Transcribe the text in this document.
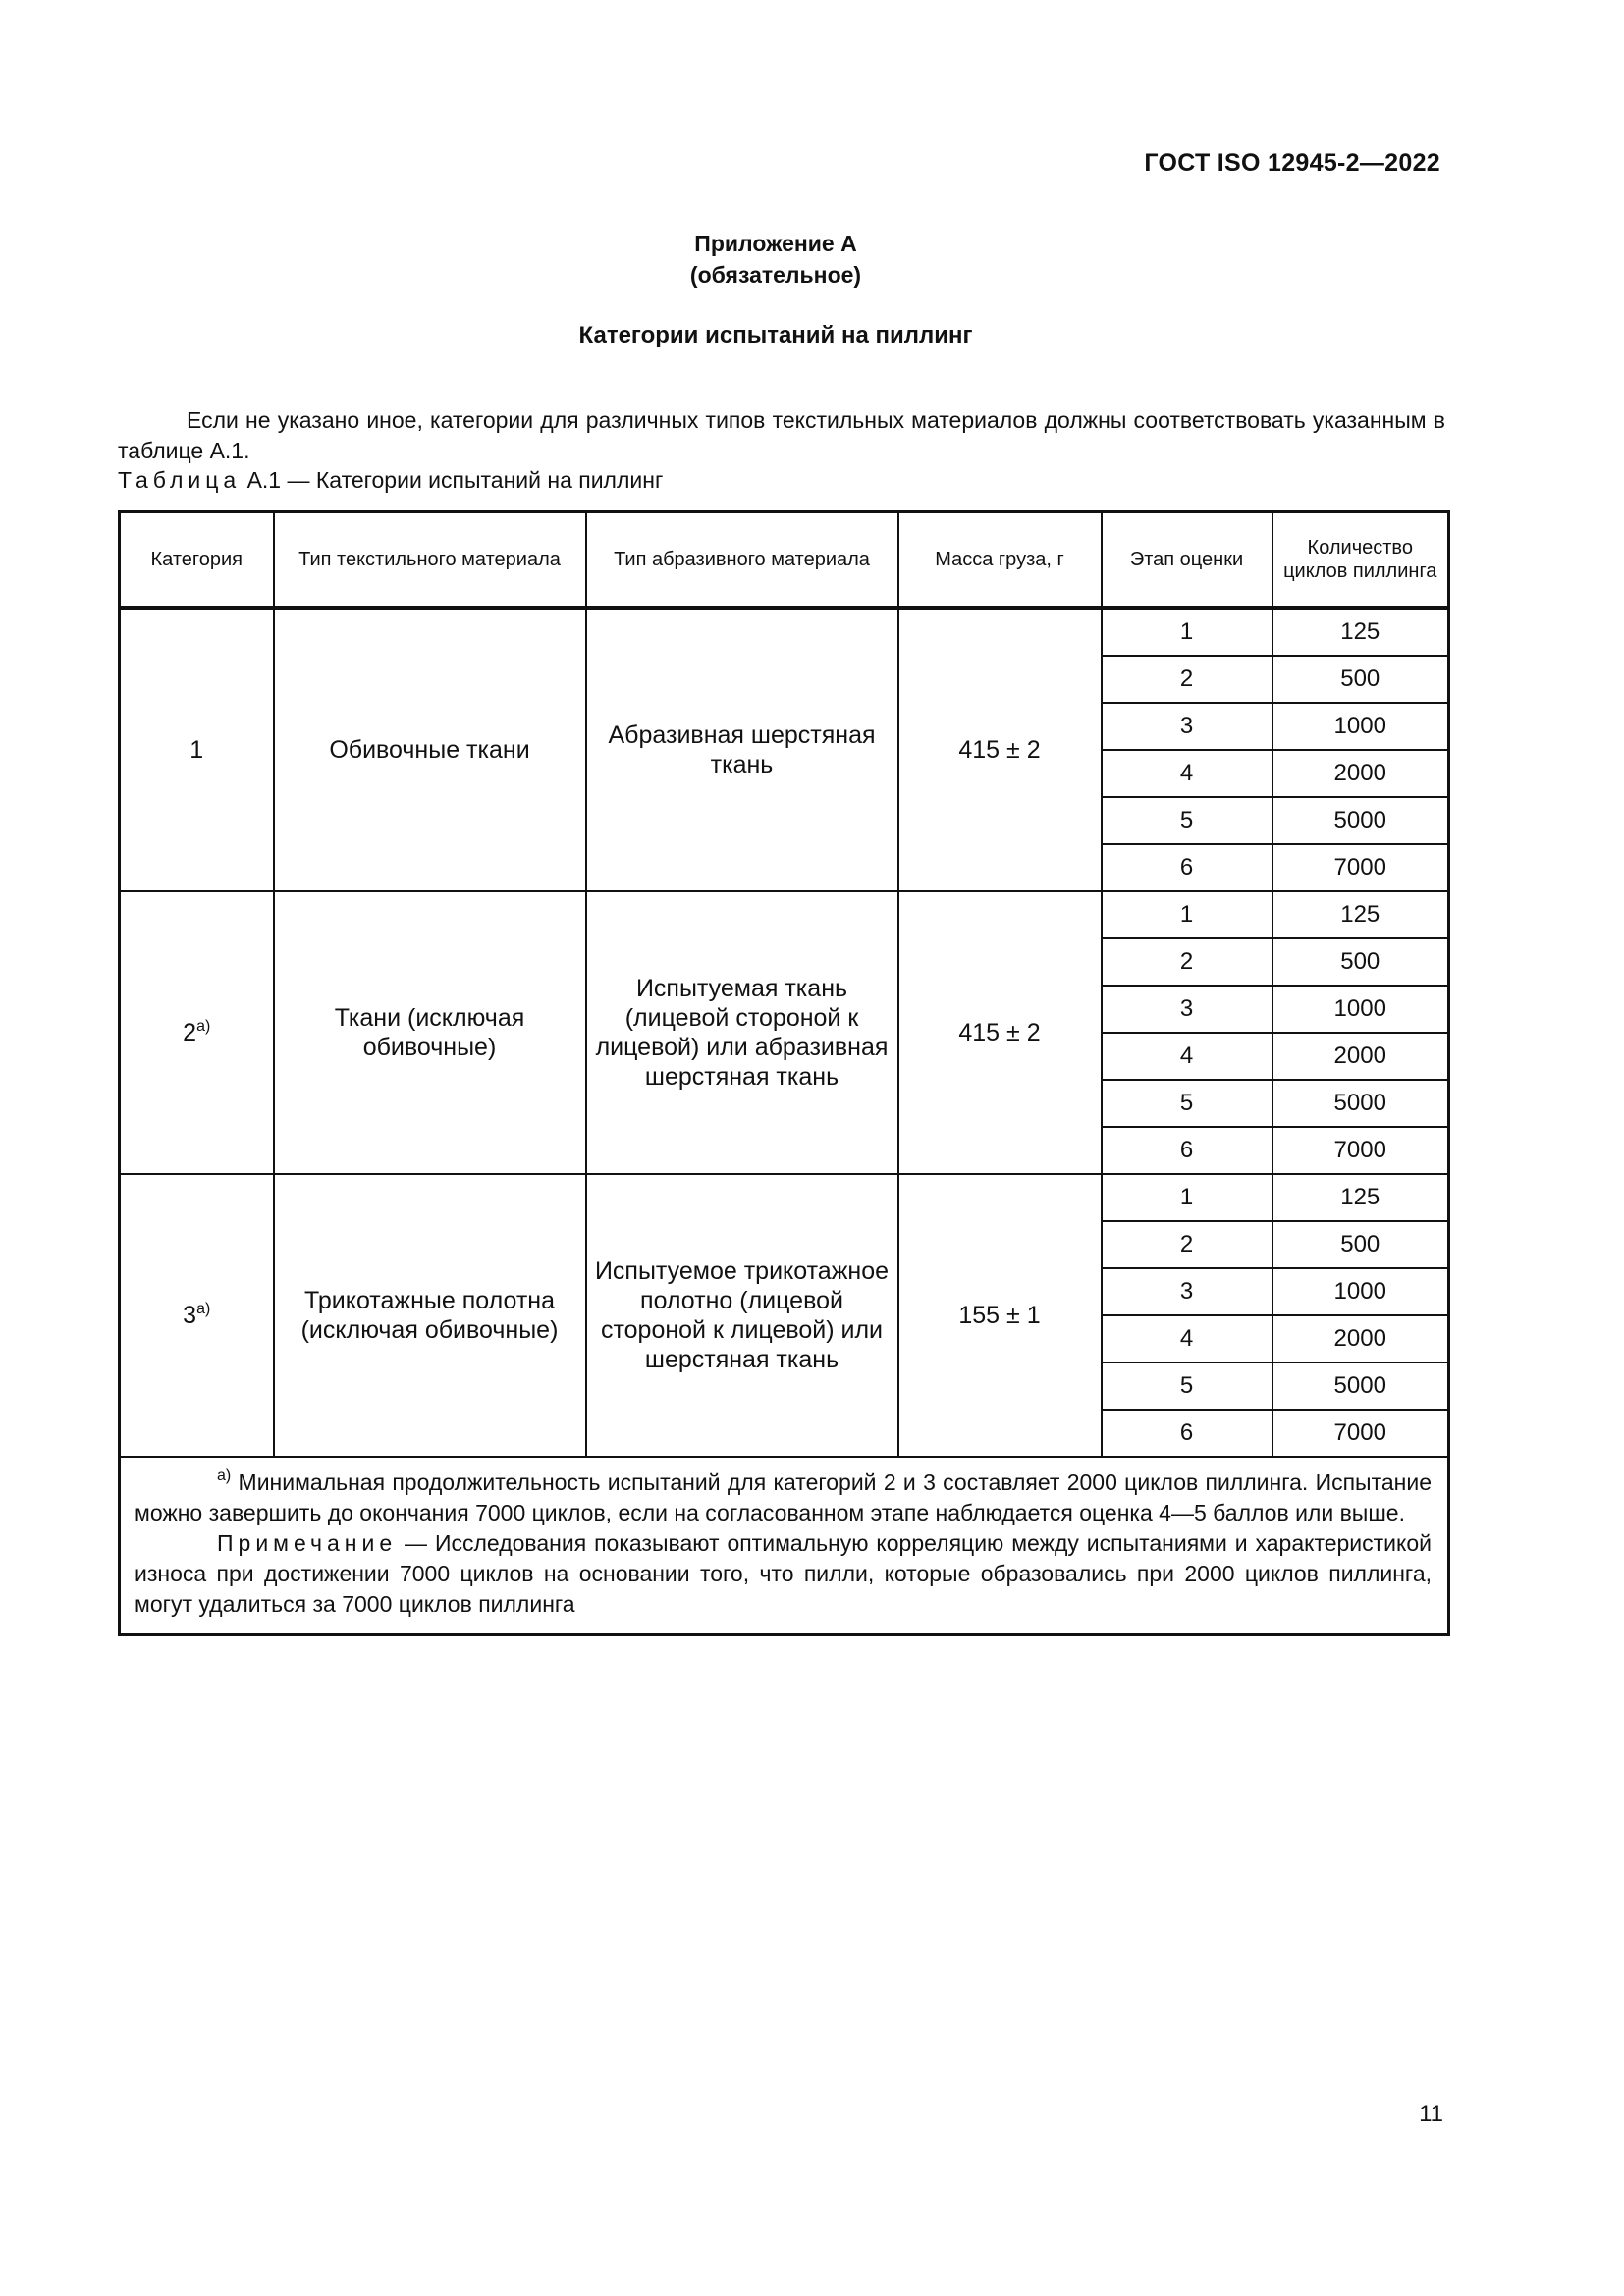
ГОСТ ISO 12945-2—2022
Приложение А
(обязательное)
Категории испытаний на пиллинг

Если не указано иное, категории для различных типов текстильных материалов должны соответствовать указанным в таблице А.1.

Таблица А.1 — Категории испытаний на пиллинг
Категория	Тип текстильного материала	Тип абразивного материала	Масса груза, г	Этап оценки	Количество циклов пиллинга
1	Обивочные ткани	Абразивная шерстяная ткань	415 ± 2	1	125
				2	500
				3	1000
				4	2000
				5	5000
				6	7000
$2^{а)}$	Ткани (исключая обивочные)	Испытуемая ткань (лицевой стороной к лицевой) или абразивная шерстяная ткань	415 ± 2	1	125
				2	500
				3	1000
				4	2000
				5	5000
				6	7000
$3^{а)}$	Трикотажные полотна (исключая обивочные)	Испытуемое трикотажное полотно (лицевой стороной к лицевой) или шерстяная ткань	155 ± 1	1	125
				2	500
				3	1000
				4	2000
				5	5000
				6	7000

$^{а)}$ Минимальная продолжительность испытаний для категорий 2 и 3 составляет 2000 циклов пиллинга. Испытание можно завершить до окончания 7000 циклов, если на согласованном этапе наблюдается оценка 4—5 баллов или выше.

Примечание — Исследования показывают оптимальную корреляцию между испытаниями и характеристикой износа при достижении 7000 циклов на основании того, что пилли, которые образовались при 2000 циклов пиллинга, могут удалиться за 7000 циклов пиллинга					

11
